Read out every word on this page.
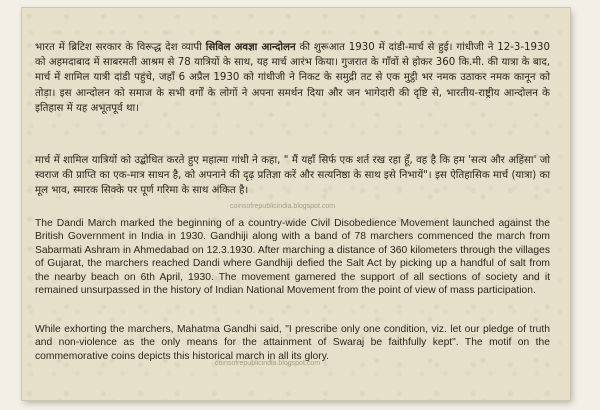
भारत में ब्रिटिश सरकार के विरूद्ध देश व्यापी सिविल अवज्ञा आन्दोलन की शुरूआत 1930 में दांडी-मार्च से हुई। गांधीजी ने 12-3-1930 को अहमदाबाद में साबरमती आश्रम से 78 यात्रियों के साथ, यह मार्च आरंभ किया। गुजरात के गाँवों से होकर 360 कि.मी. की यात्रा के बाद, मार्च में शामिल यात्री दांडी पहुंचे, जहाँ 6 अप्रैल 1930 को गांधीजी ने निकट के समुद्री तट से एक मुट्ठी भर नमक उठाकर नमक कानून को तोड़ा। इस आन्दोलन को समाज के सभी वर्गों के लोगों ने अपना समर्थन दिया और जन भागेदारी की दृष्टि से, भारतीय-राष्ट्रीय आन्दोलन के इतिहास में यह अभूतपूर्व था।

मार्च में शामिल यात्रियों को उद्बोधित करते हुए महात्मा गांधी ने कहा, " मैं यहाँ सिर्फ एक शर्त रख रहा हूँ, वह है कि हम 'सत्य और अहिंसा' जो स्वराज की प्राप्ति का एक-मात्र साधन है, को अपनाने की दृढ़ प्रतिज्ञा करें और सत्यनिष्ठा के साथ इसे निभायें"। इस ऐतिहासिक मार्च (यात्रा) का मूल भाव, स्मारक सिक्के पर पूर्ण गरिमा के साथ अंकित है।

coinsofrepublicindia.blogspot.com

The Dandi March marked the beginning of a country-wide Civil Disobedience Movement launched against the British Government in India in 1930. Gandhiji along with a band of 78 marchers commenced the march from Sabarmati Ashram in Ahmedabad on 12.3.1930. After marching a distance of 360 kilometers through the villages of Gujarat, the marchers reached Dandi where Gandhiji defied the Salt Act by picking up a handful of salt from the nearby beach on 6th April, 1930. The movement garnered the support of all sections of society and it remained unsurpassed in the history of Indian National Movement from the point of view of mass participation.

While exhorting the marchers, Mahatma Gandhi said, "I prescribe only one condition, viz. let our pledge of truth and non-violence as the only means for the attainment of Swaraj be faithfully kept". The motif on the commemorative coins depicts this historical march in all its glory.

coinsofrepublicindia.blogspot.com
